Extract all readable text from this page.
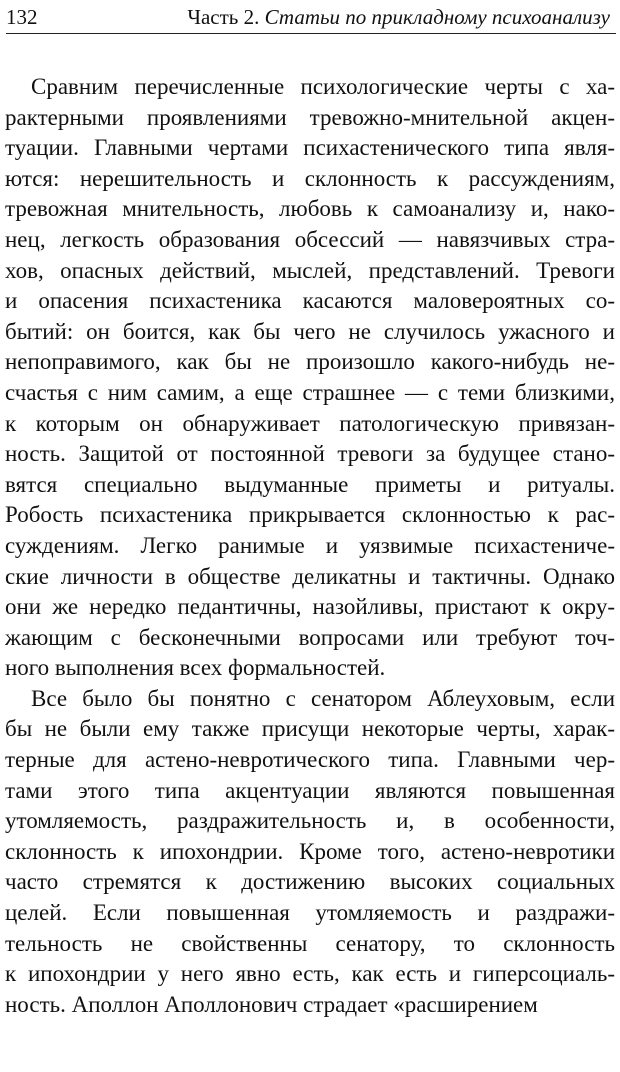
132	Часть 2. Статьи по прикладному психоанализу

Сравним перечисленные психологические черты с ха-
рактерными проявлениями тревожно-мнительной акцен-
туации. Главными чертами психастенического типа явля-
ются: нерешительность и склонность к рассуждениям,
тревожная мнительность, любовь к самоанализу и, нако-
нец, легкость образования обсессий — навязчивых стра-
хов, опасных действий, мыслей, представлений. Тревоги
и опасения психастеника касаются маловероятных со-
бытий: он боится, как бы чего не случилось ужасного и
непоправимого, как бы не произошло какого-нибудь не-
счастья с ним самим, а еще страшнее — с теми близкими,
к которым он обнаруживает патологическую привязан-
ность. Защитой от постоянной тревоги за будущее стано-
вятся специально выдуманные приметы и ритуалы.
Робость психастеника прикрывается склонностью к рас-
суждениям. Легко ранимые и уязвимые психастениче-
ские личности в обществе деликатны и тактичны. Однако
они же нередко педантичны, назойливы, пристают к окру-
жающим с бесконечными вопросами или требуют точ-
ного выполнения всех формальностей.

Все было бы понятно с сенатором Аблеуховым, если
бы не были ему также присущи некоторые черты, харак-
терные для астено-невротического типа. Главными чер-
тами этого типа акцентуации являются повышенная
утомляемость, раздражительность и, в особенности,
склонность к ипохондрии. Кроме того, астено-невротики
часто стремятся к достижению высоких социальных
целей. Если повышенная утомляемость и раздражи-
тельность не свойственны сенатору, то склонность
к ипохондрии у него явно есть, как есть и гиперсоциаль-
ность. Аполлон Аполлонович страдает «расширением
